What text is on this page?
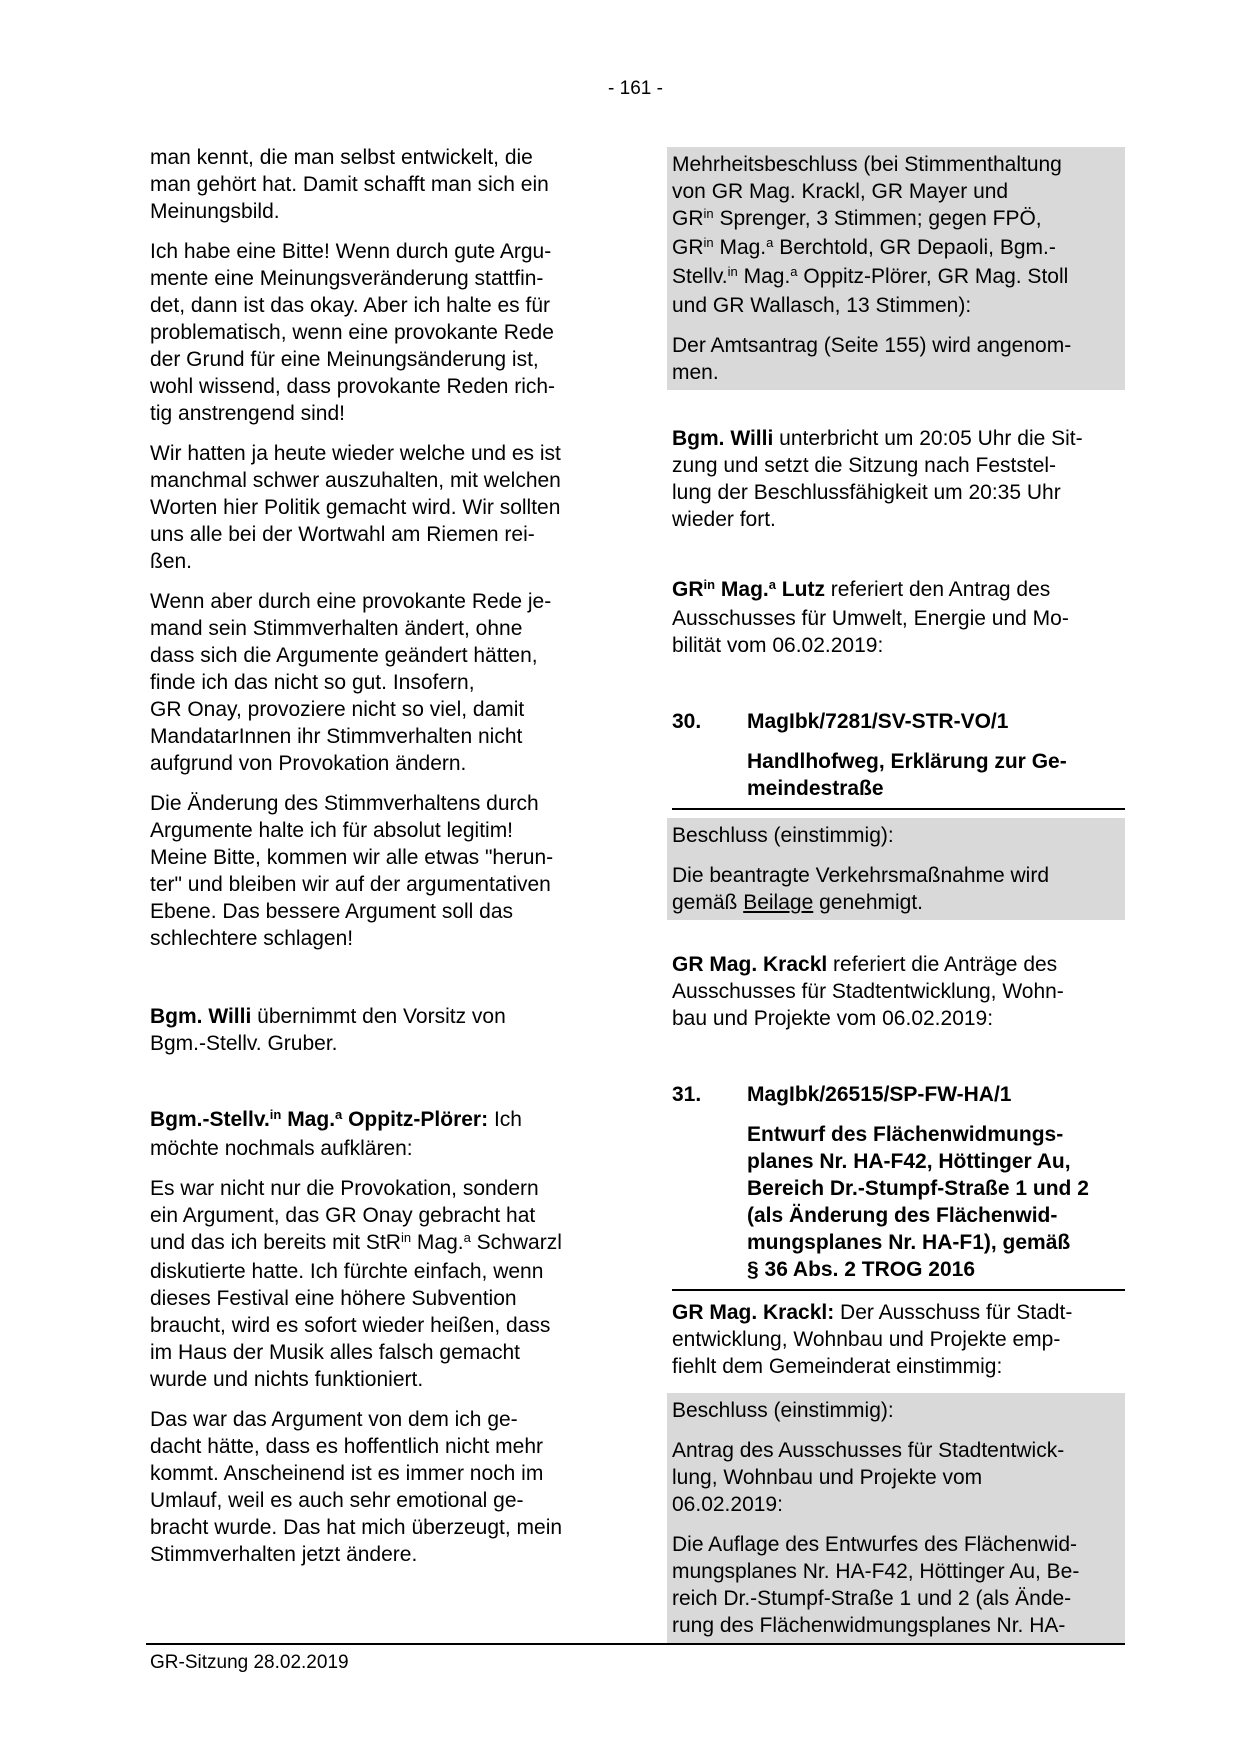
- 161 -
man kennt, die man selbst entwickelt, die
man gehört hat. Damit schafft man sich ein
Meinungsbild.
Ich habe eine Bitte! Wenn durch gute Argu-
mente eine Meinungsveränderung stattfin-
det, dann ist das okay. Aber ich halte es für
problematisch, wenn eine provokante Rede
der Grund für eine Meinungsänderung ist,
wohl wissend, dass provokante Reden rich-
tig anstrengend sind!
Wir hatten ja heute wieder welche und es ist
manchmal schwer auszuhalten, mit welchen
Worten hier Politik gemacht wird. Wir sollten
uns alle bei der Wortwahl am Riemen rei-
ßen.
Wenn aber durch eine provokante Rede je-
mand sein Stimmverhalten ändert, ohne
dass sich die Argumente geändert hätten,
finde ich das nicht so gut. Insofern,
GR Onay, provoziere nicht so viel, damit
MandatarInnen ihr Stimmverhalten nicht
aufgrund von Provokation ändern.
Die Änderung des Stimmverhaltens durch
Argumente halte ich für absolut legitim!
Meine Bitte, kommen wir alle etwas "herun-
ter" und bleiben wir auf der argumentativen
Ebene. Das bessere Argument soll das
schlechtere schlagen!
Bgm. Willi übernimmt den Vorsitz von
Bgm.-Stellv. Gruber.
Bgm.-Stellv.$^{in}$ Mag.$^a$ Oppitz-Plörer: Ich
möchte nochmals aufklären:
Es war nicht nur die Provokation, sondern
ein Argument, das GR Onay gebracht hat
und das ich bereits mit StR$^{in}$ Mag.$^a$ Schwarzl
diskutierte hatte. Ich fürchte einfach, wenn
dieses Festival eine höhere Subvention
braucht, wird es sofort wieder heißen, dass
im Haus der Musik alles falsch gemacht
wurde und nichts funktioniert.
Das war das Argument von dem ich ge-
dacht hätte, dass es hoffentlich nicht mehr
kommt. Anscheinend ist es immer noch im
Umlauf, weil es auch sehr emotional ge-
bracht wurde. Das hat mich überzeugt, mein
Stimmverhalten jetzt ändere.
Mehrheitsbeschluss (bei Stimmenthaltung
von GR Mag. Krackl, GR Mayer und
$GR^{in}$ Sprenger, 3 Stimmen; gegen FPÖ,
$GR^{in}$ Mag.$^a$ Berchtold, GR Depaoli, Bgm.-
Stellv.$^{in}$ Mag.$^a$ Oppitz-Plörer, GR Mag. Stoll
und GR Wallasch, 13 Stimmen):
Der Amtsantrag (Seite 155) wird angenom-
men.
Bgm. Willi unterbricht um 20:05 Uhr die Sit-
zung und setzt die Sitzung nach Feststel-
lung der Beschlussfähigkeit um 20:35 Uhr
wieder fort.
$GR^{in}$ Mag.$^a$ Lutz referiert den Antrag des
Ausschusses für Umwelt, Energie und Mo-
bilität vom 06.02.2019:
30.	MagIbk/7281/SV-STR-VO/1
Handlhofweg, Erklärung zur Ge-
meindestraße
Beschluss (einstimmig):
Die beantragte Verkehrsmaßnahme wird
gemäß Beilage genehmigt.
GR Mag. Krackl referiert die Anträge des
Ausschusses für Stadtentwicklung, Wohn-
bau und Projekte vom 06.02.2019:
31.	MagIbk/26515/SP-FW-HA/1
Entwurf des Flächenwidmungs-
planes Nr. HA-F42, Höttinger Au,
Bereich Dr.-Stumpf-Straße 1 und 2
(als Änderung des Flächenwid-
mungsplanes Nr. HA-F1), gemäß
§ 36 Abs. 2 TROG 2016
GR Mag. Krackl: Der Ausschuss für Stadt-
entwicklung, Wohnbau und Projekte emp-
fiehlt dem Gemeinderat einstimmig:
Beschluss (einstimmig):
Antrag des Ausschusses für Stadtentwick-
lung, Wohnbau und Projekte vom
06.02.2019:
Die Auflage des Entwurfes des Flächenwid-
mungsplanes Nr. HA-F42, Höttinger Au, Be-
reich Dr.-Stumpf-Straße 1 und 2 (als Ände-
rung des Flächenwidmungsplanes Nr. HA-
GR-Sitzung 28.02.2019
